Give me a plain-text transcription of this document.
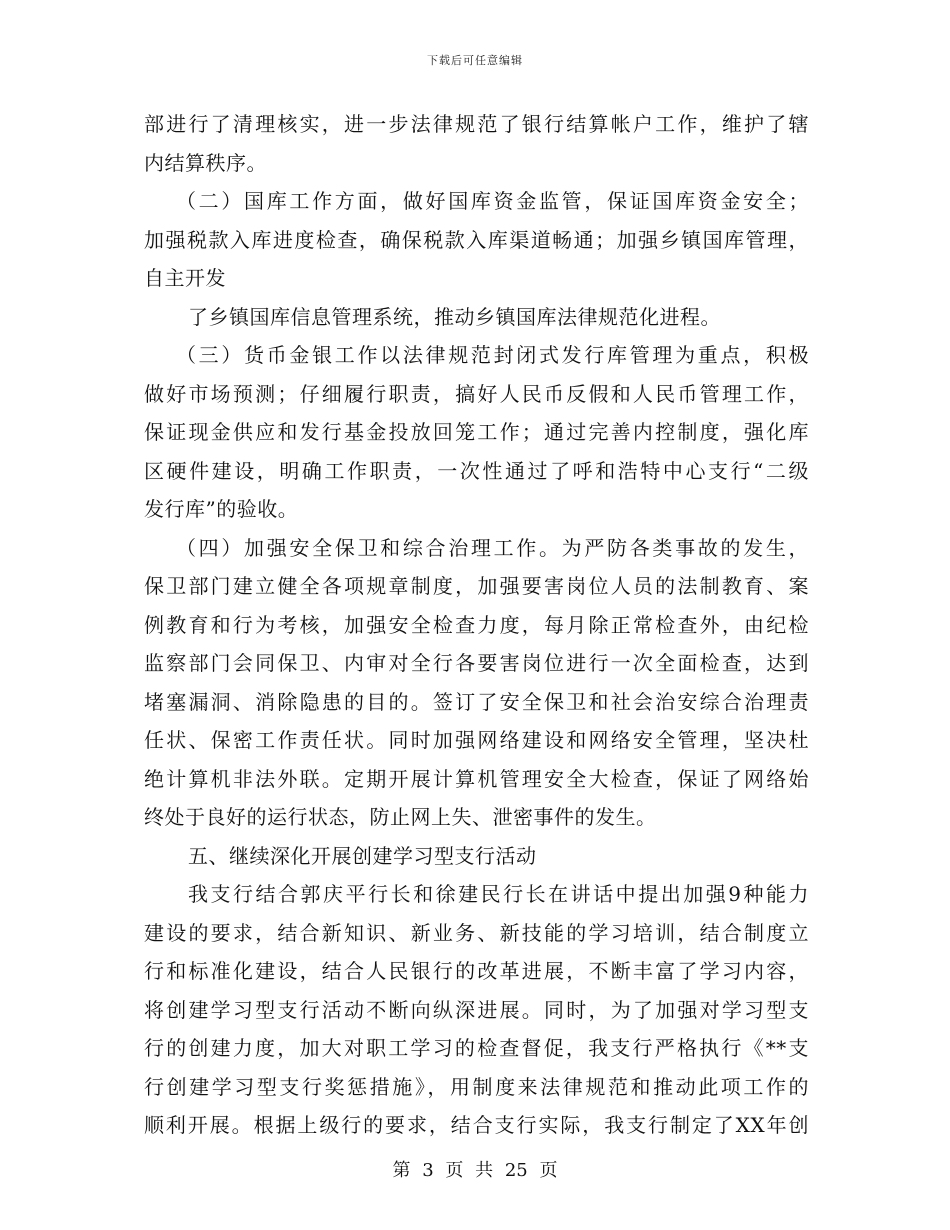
下载后可任意编辑
部进行了清理核实，进一步法律规范了银行结算帐户工作，维护了辖
内结算秩序。
（二）国库工作方面，做好国库资金监管，保证国库资金安全；
加强税款入库进度检查，确保税款入库渠道畅通；加强乡镇国库管理，
自主开发
了乡镇国库信息管理系统，推动乡镇国库法律规范化进程。
（三）货币金银工作以法律规范封闭式发行库管理为重点，积极
做好市场预测；仔细履行职责，搞好人民币反假和人民币管理工作，
保证现金供应和发行基金投放回笼工作；通过完善内控制度，强化库
区硬件建设，明确工作职责，一次性通过了呼和浩特中心支行“二级
发行库”的验收。
（四）加强安全保卫和综合治理工作。为严防各类事故的发生，
保卫部门建立健全各项规章制度，加强要害岗位人员的法制教育、案
例教育和行为考核，加强安全检查力度，每月除正常检查外，由纪检
监察部门会同保卫、内审对全行各要害岗位进行一次全面检查，达到
堵塞漏洞、消除隐患的目的。签订了安全保卫和社会治安综合治理责
任状、保密工作责任状。同时加强网络建设和网络安全管理，坚决杜
绝计算机非法外联。定期开展计算机管理安全大检查，保证了网络始
终处于良好的运行状态，防止网上失、泄密事件的发生。
五、继续深化开展创建学习型支行活动
我支行结合郭庆平行长和徐建民行长在讲话中提出加强9种能力
建设的要求，结合新知识、新业务、新技能的学习培训，结合制度立
行和标准化建设，结合人民银行的改革进展，不断丰富了学习内容，
将创建学习型支行活动不断向纵深进展。同时，为了加强对学习型支
行的创建力度，加大对职工学习的检查督促，我支行严格执行《**支
行创建学习型支行奖惩措施》，用制度来法律规范和推动此项工作的
顺利开展。根据上级行的要求，结合支行实际，我支行制定了XX年创
第 3 页 共 25 页
